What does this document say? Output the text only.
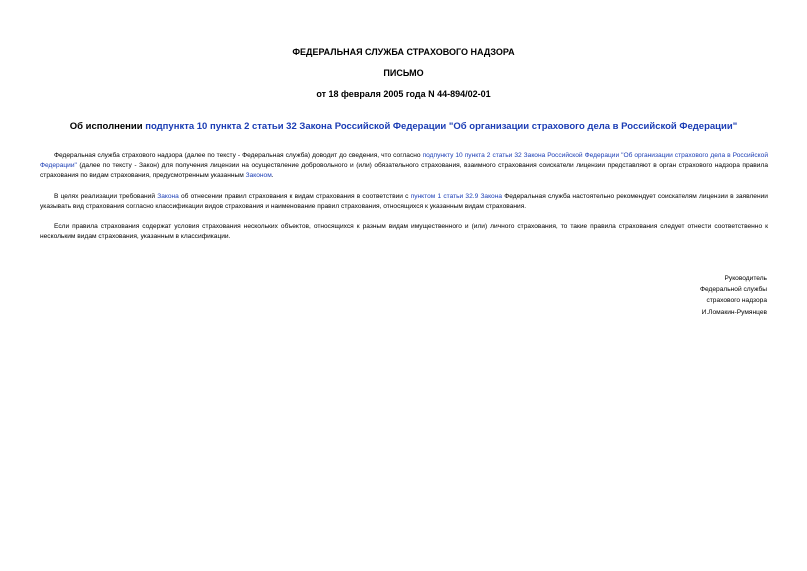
ФЕДЕРАЛЬНАЯ СЛУЖБА СТРАХОВОГО НАДЗОРА
ПИСЬМО
от 18 февраля 2005 года N 44-894/02-01
Об исполнении подпункта 10 пункта 2 статьи 32 Закона Российской Федерации "Об организации страхового дела в Российской Федерации"

Федеральная служба страхового надзора (далее по тексту - Федеральная служба) доводит до сведения, что согласно подпункту 10 пункта 2 статьи 32 Закона Российской Федерации "Об организации страхового дела в Российской Федерации" (далее по тексту - Закон) для получения лицензии на осуществление добровольного и (или) обязательного страхования, взаимного страхования соискатели лицензии представляют в орган страхового надзора правила страхования по видам страхования, предусмотренным указанным Законом.

В целях реализации требований Закона об отнесении правил страхования к видам страхования в соответствии с пунктом 1 статьи 32.9 Закона Федеральная служба настоятельно рекомендует соискателям лицензии в заявлении указывать вид страхования согласно классификации видов страхования и наименование правил страхования, относящихся к указанным видам страхования.

Если правила страхования содержат условия страхования нескольких объектов, относящихся к разным видам имущественного и (или) личного страхования, то такие правила страхования следует отнести соответственно к нескольким видам страхования, указанным в классификации.

Руководитель
Федеральной службы
страхового надзора
И.Ломакин-Румянцев
